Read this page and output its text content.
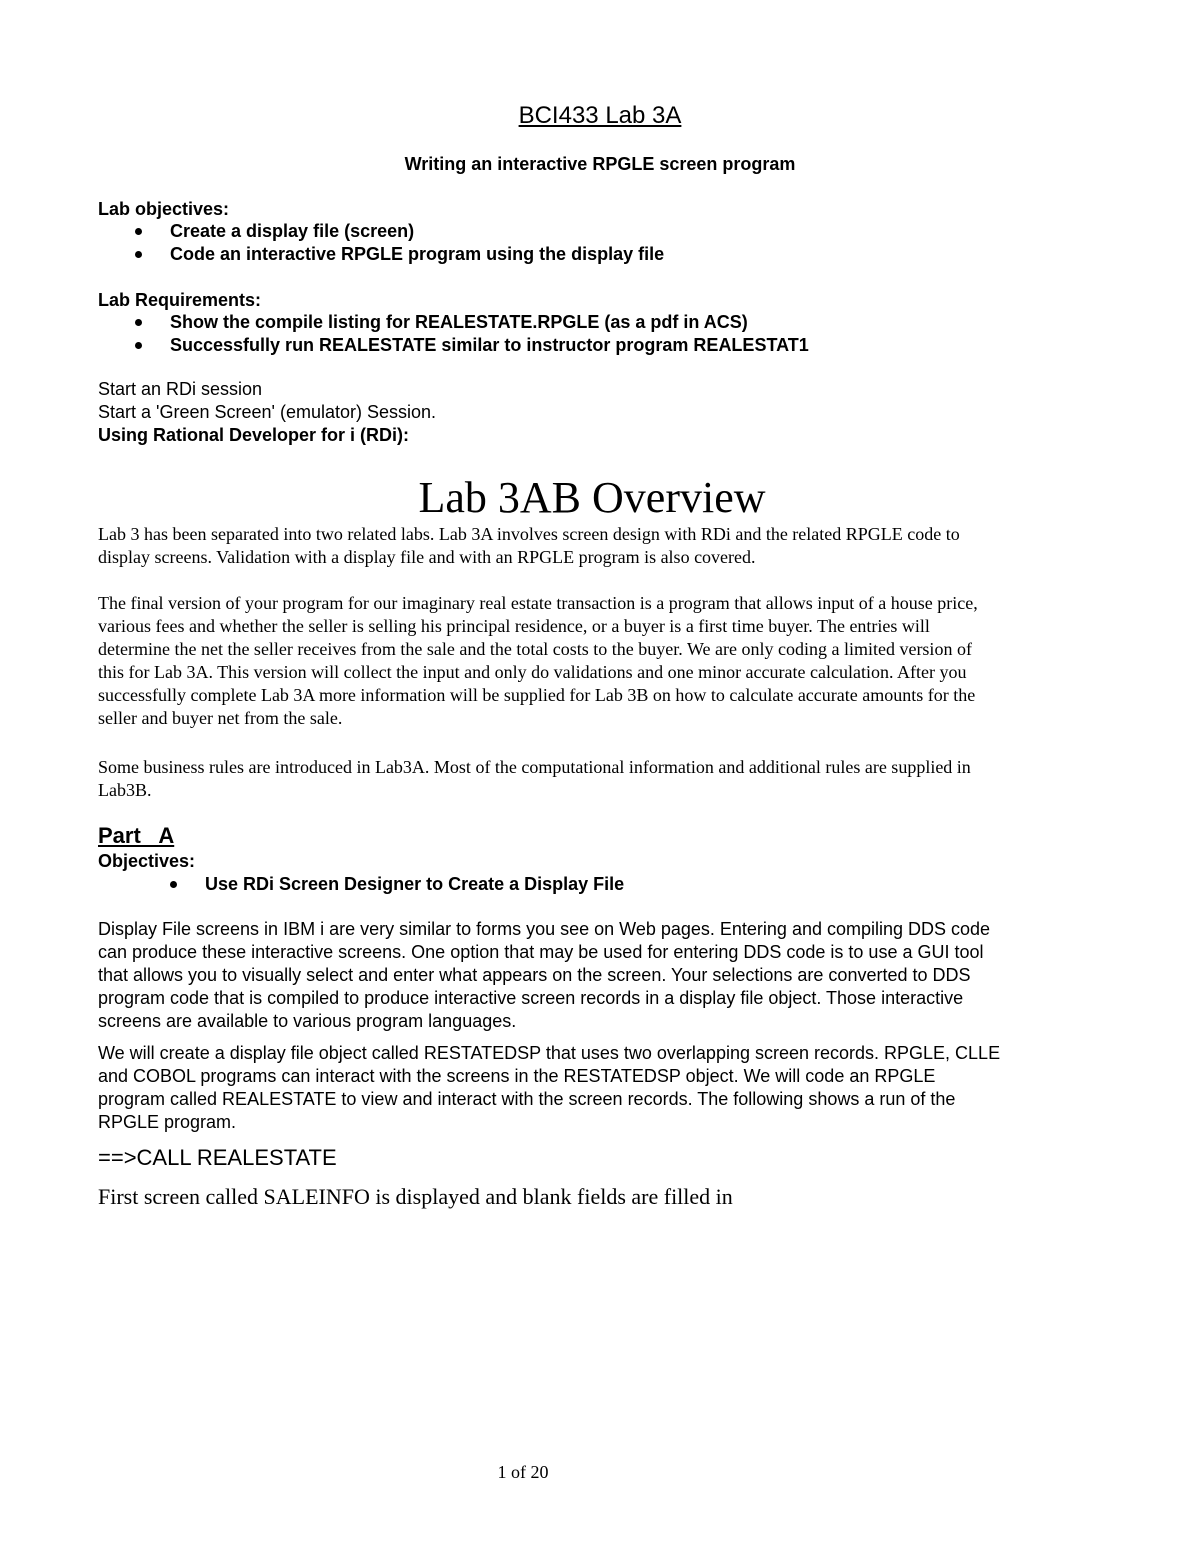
BCI433 Lab 3A
Writing an interactive RPGLE screen program
Lab objectives:
Create a display file (screen)
Code an interactive RPGLE program using the display file
Lab Requirements:
Show the compile listing for REALESTATE.RPGLE (as a pdf in ACS)
Successfully run REALESTATE similar to instructor program REALESTAT1
Start an RDi session
Start a 'Green Screen' (emulator) Session.
Using Rational Developer for i (RDi):
Lab 3AB Overview
Lab 3 has been separated into two related labs. Lab 3A involves screen design with RDi and the related RPGLE code to
display screens. Validation with a display file and with an RPGLE program is also covered.
The final version of your program for our imaginary real estate transaction is a program that allows input of a house price,
various fees and whether the seller is selling his principal residence, or a buyer is a first time buyer. The entries will
determine the net the seller receives from the sale and the total costs to the buyer. We are only coding a limited version of
this for Lab 3A. This version will collect the input and only do validations and one minor accurate calculation. After you
successfully complete Lab 3A more information will be supplied for Lab 3B on how to calculate accurate amounts for the
seller and buyer net from the sale.
Some business rules are introduced in Lab3A. Most of the computational information and additional rules are supplied in
Lab3B.
Part   A
Objectives:
Use RDi Screen Designer to Create a Display File
Display File screens in IBM i are very similar to forms you see on Web pages. Entering and compiling DDS code
can produce these interactive screens. One option that may be used for entering DDS code is to use a GUI tool
that allows you to visually select and enter what appears on the screen. Your selections are converted to DDS
program code that is compiled to produce interactive screen records in a display file object. Those interactive
screens are available to various program languages.
We will create a display file object called RESTATEDSP that uses two overlapping screen records. RPGLE, CLLE
and COBOL programs can interact with the screens in the RESTATEDSP object. We will code an RPGLE
program called REALESTATE to view and interact with the screen records. The following shows a run of the
RPGLE program.
==>CALL REALESTATE
First screen called SALEINFO is displayed and blank fields are filled in
1 of 20
